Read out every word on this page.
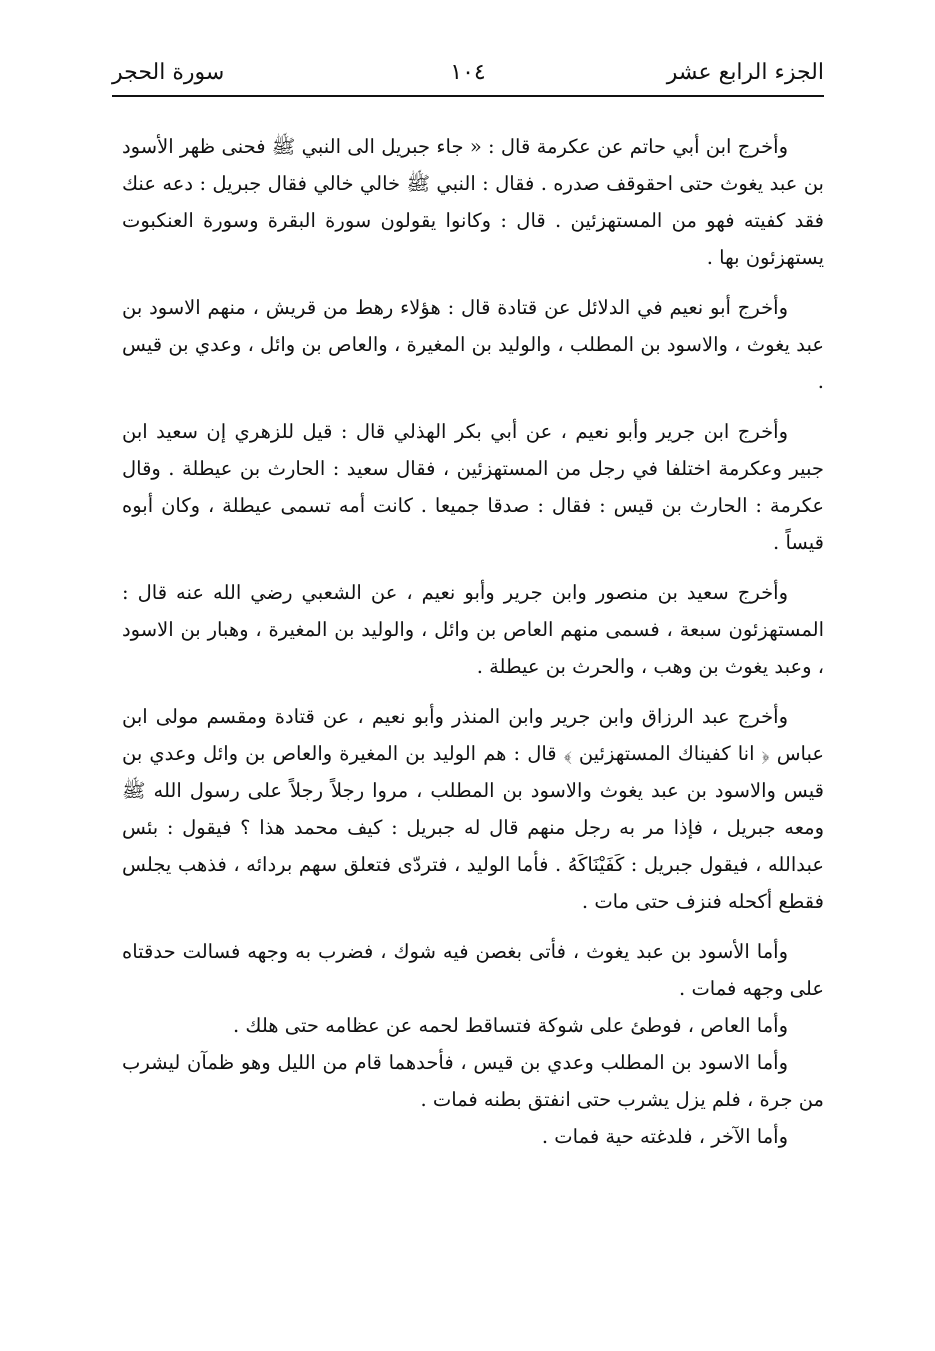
الجزء الرابع عشر
١٠٤
سورة الحجر

وأخرج ابن أبي حاتم عن عكرمة قال : « جاء جبريل الى النبي ﷺ فحنى ظهر الأسود بن عبد يغوث حتى احقوقف صدره . فقال : النبي ﷺ خالي خالي فقال جبريل : دعه عنك فقد كفيته فهو من المستهزئين . قال : وكانوا يقولون سورة البقرة وسورة العنكبوت يستهزئون بها .

وأخرج أبو نعيم في الدلائل عن قتادة قال : هؤلاء رهط من قريش ، منهم الاسود بن عبد يغوث ، والاسود بن المطلب ، والوليد بن المغيرة ، والعاص بن وائل ، وعدي بن قيس .

وأخرج ابن جرير وأبو نعيم ، عن أبي بكر الهذلي قال : قيل للزهري إن سعيد ابن جبير وعكرمة اختلفا في رجل من المستهزئين ، فقال سعيد : الحارث بن عيطلة . وقال عكرمة : الحارث بن قيس : فقال : صدقا جميعا . كانت أمه تسمى عيطلة ، وكان أبوه قيساً .

وأخرج سعيد بن منصور وابن جرير وأبو نعيم ، عن الشعبي رضي الله عنه قال : المستهزئون سبعة ، فسمى منهم العاص بن وائل ، والوليد بن المغيرة ، وهبار بن الاسود ، وعبد يغوث بن وهب ، والحرث بن عيطلة .

وأخرج عبد الرزاق وابن جرير وابن المنذر وأبو نعيم ، عن قتادة ومقسم مولى ابن عباس ﴿ انا كفيناك المستهزئين ﴾ قال : هم الوليد بن المغيرة والعاص بن وائل وعدي بن قيس والاسود بن عبد يغوث والاسود بن المطلب ، مروا رجلاً رجلاً على رسول الله ﷺ ومعه جبريل ، فإذا مر به رجل منهم قال له جبريل : كيف محمد هذا ؟ فيقول : بئس عبدالله ، فيقول جبريل : كَفَيْنَاكَهُ . فأما الوليد ، فتردّى فتعلق سهم بردائه ، فذهب يجلس فقطع أكحله فنزف حتى مات .

وأما الأسود بن عبد يغوث ، فأتى بغصن فيه شوك ، فضرب به وجهه فسالت حدقتاه على وجهه فمات .

وأما العاص ، فوطئ على شوكة فتساقط لحمه عن عظامه حتى هلك .

وأما الاسود بن المطلب وعدي بن قيس ، فأحدهما قام من الليل وهو ظمآن ليشرب من جرة ، فلم يزل يشرب حتى انفتق بطنه فمات .

وأما الآخر ، فلدغته حية فمات .
